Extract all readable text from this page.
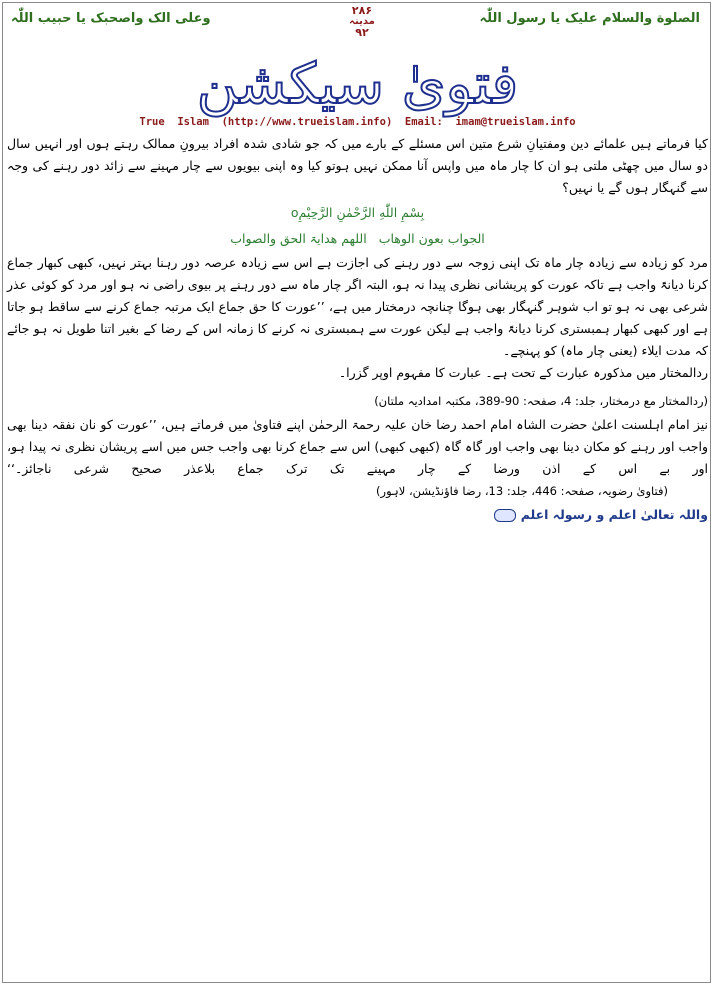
الصلوة والسلام علیک یا رسول اللّٰہ
۲۸۶
مدینہ
۹۲
وعلی الک واصحبک یا حبیب اللّٰہ
فتویٰ سیکشن
True  Islam  (http://www.trueislam.info)  Email:  imam@trueislam.info

کیا فرماتے ہیں علمائے دین ومفتیانِ شرع متین اس مسئلے کے بارے میں کہ جو شادی شدہ افراد بیرونِ ممالک رہتے ہوں اور انہیں سال دو سال میں چھٹی ملتی ہو ان کا چار ماہ میں واپس آنا ممکن نہیں ہوتو کیا وہ اپنی بیویوں سے چار مہینے سے زائد دور رہنے کی وجہ سے گنہگار ہوں گے یا نہیں؟

بِسْمِ اللّٰهِ الرَّحْمٰنِ الرَّحِیْمِo

الجواب بعون الوھاباللھم ھدایۃ الحق والصواب

مرد کو زیادہ سے زیادہ چار ماہ تک اپنی زوجہ سے دور رہنے کی اجازت ہے اس سے زیادہ عرصہ دور رہنا بہتر نہیں، کبھی کبھار جماع کرنا دیانۃً واجب ہے تاکہ عورت کو پریشانی نظری پیدا نہ ہو، البتہ اگر چار ماہ سے دور رہنے پر بیوی راضی نہ ہو اور مرد کو کوئی عذر شرعی بھی نہ ہو تو اب شوہر گنہگار بھی ہوگا چنانچہ درمختار میں ہے، ’’عورت کا حق جماع ایک مرتبہ جماع کرنے سے ساقط ہو جاتا ہے اور کبھی کبھار ہمبستری کرنا دیانۃً واجب ہے لیکن عورت سے ہمبستری نہ کرنے کا زمانہ اس کے رضا کے بغیر اتنا طویل نہ ہو جائے کہ مدت ایلاء (یعنی چار ماہ) کو پہنچے۔

ردالمختار میں مذکورہ عبارت کے تحت ہے۔ عبارت کا مفہوم اوپر گزرا۔

(ردالمختار مع درمختار، جلد: 4، صفحہ: 90-389، مکتبہ امدادیہ ملتان)

نیز امام اہلسنت اعلیٰ حضرت الشاہ امام احمد رضا خان علیہ رحمۃ الرحمٰن اپنے فتاویٰ میں فرماتے ہیں، ’’عورت کو نان نفقہ دینا بھی واجب اور رہنے کو مکان دینا بھی واجب اور گاہ گاہ (کبھی کبھی) اس سے جماع کرنا بھی واجب جس میں اسے پریشان نظری نہ پیدا ہو، اور بے اس کے اذن ورضا کے چار مہینے تک ترک جماع بلاعذر صحیح شرعی ناجائز۔‘‘ (فتاویٰ رضویہ، صفحہ: 446، جلد: 13، رضا فاؤنڈیشن، لاہور)

واللہ تعالیٰ اعلم و رسولہ اعلم
